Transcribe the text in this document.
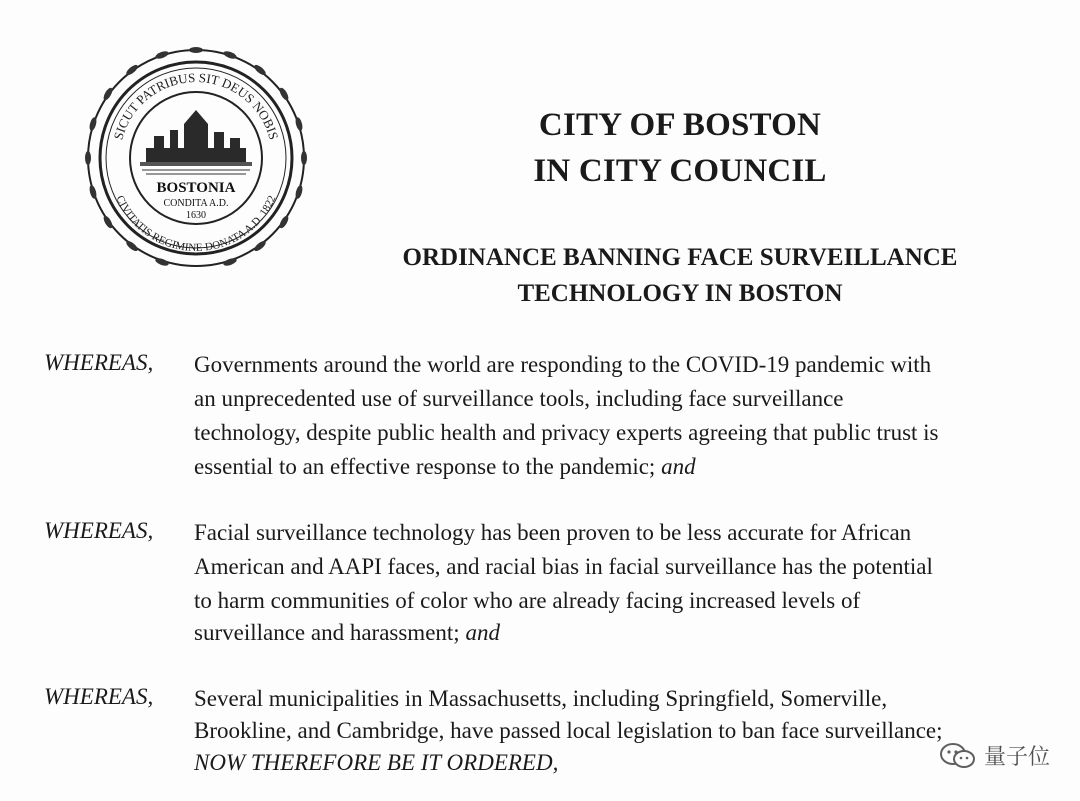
SICUT PATRIBUS SIT DEUS NOBIS
CIVITATIS REGIMINE DONATA A.D. 1822
BOSTONIA
CONDITA A.D.
1630
CITY OF BOSTON
IN CITY COUNCIL
ORDINANCE BANNING FACE SURVEILLANCE
TECHNOLOGY IN BOSTON
WHEREAS, Governments around the world are responding to the COVID-19 pandemic with
an unprecedented use of surveillance tools, including face surveillance
technology, despite public health and privacy experts agreeing that public trust is
essential to an effective response to the pandemic; and
WHEREAS, Facial surveillance technology has been proven to be less accurate for African
American and AAPI faces, and racial bias in facial surveillance has the potential
to harm communities of color who are already facing increased levels of
surveillance and harassment; and
WHEREAS, Several municipalities in Massachusetts, including Springfield, Somerville,
Brookline, and Cambridge, have passed local legislation to ban face surveillance;
NOW THEREFORE BE IT ORDERED,	量子位
